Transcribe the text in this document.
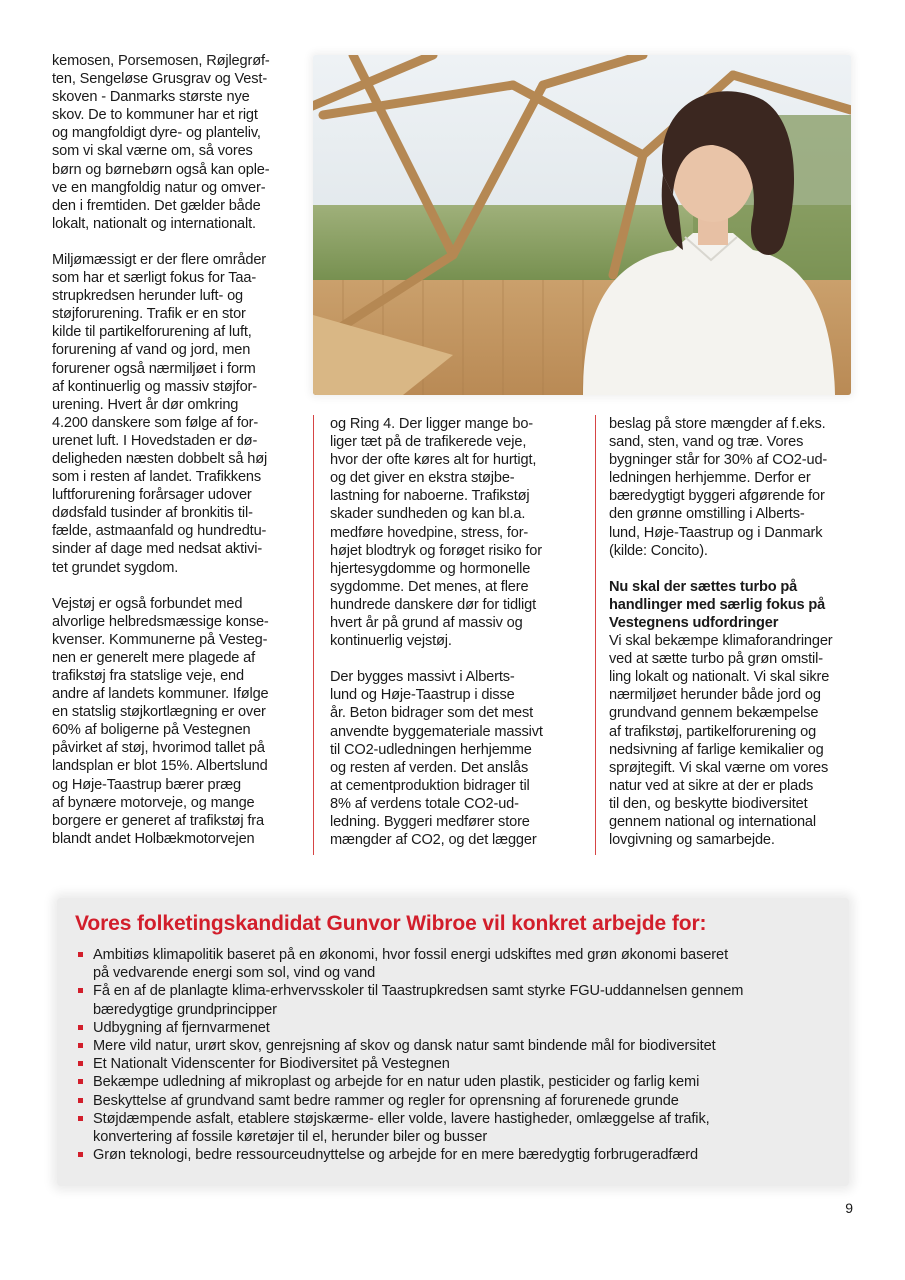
kemosen, Porsemosen, Røjlegrøf-
ten, Sengeløse Grusgrav og Vest-
skoven - Danmarks største nye
skov. De to kommuner har et rigt
og mangfoldigt dyre- og planteliv,
som vi skal værne om, så vores
børn og børnebørn også kan ople-
ve en mangfoldig natur og omver-
den i fremtiden. Det gælder både
lokalt, nationalt og internationalt.

Miljømæssigt er der flere områder
som har et særligt fokus for Taa-
strupkredsen herunder luft- og
støjforurening. Trafik er en stor
kilde til partikelforurening af luft,
forurening af vand og jord, men
forurener også nærmiljøet i form
af kontinuerlig og massiv støjfor-
urening. Hvert år dør omkring
4.200 danskere som følge af for-
urenet luft. I Hovedstaden er dø-
deligheden næsten dobbelt så høj
som i resten af landet. Trafikkens
luftforurening forårsager udover
dødsfald tusinder af bronkitis til-
fælde, astmaanfald og hundredtu-
sinder af dage med nedsat aktivi-
tet grundet sygdom.

Vejstøj er også forbundet med
alvorlige helbredsmæssige konse-
kvenser. Kommunerne på Vesteg-
nen er generelt mere plagede af
trafikstøj fra statslige veje, end
andre af landets kommuner. Ifølge
en statslig støjkortlægning er over
60% af boligerne på Vestegnen
påvirket af støj, hvorimod tallet på
landsplan er blot 15%. Albertslund
og Høje-Taastrup bærer præg
af bynære motorveje, og mange
borgere er generet af trafikstøj fra
blandt andet Holbækmotorvejen

og Ring 4. Der ligger mange bo-
liger tæt på de trafikerede veje,
hvor der ofte køres alt for hurtigt,
og det giver en ekstra støjbe-
lastning for naboerne. Trafikstøj
skader sundheden og kan bl.a.
medføre hovedpine, stress, for-
højet blodtryk og forøget risiko for
hjertesygdomme og hormonelle
sygdomme. Det menes, at flere
hundrede danskere dør for tidligt
hvert år på grund af massiv og
kontinuerlig vejstøj.

Der bygges massivt i Alberts-
lund og Høje-Taastrup i disse
år. Beton bidrager som det mest
anvendte byggemateriale massivt
til CO2-udledningen herhjemme
og resten af verden. Det anslås
at cementproduktion bidrager til
8% af verdens totale CO2-ud-
ledning. Byggeri medfører store
mængder af CO2, og det lægger

beslag på store mængder af f.eks.
sand, sten, vand og træ. Vores
bygninger står for 30% af CO2-ud-
ledningen herhjemme. Derfor er
bæredygtigt byggeri afgørende for
den grønne omstilling i Alberts-
lund, Høje-Taastrup og i Danmark
(kilde: Concito).

Nu skal der sættes turbo på
handlinger med særlig fokus på
Vestegnens udfordringer
Vi skal bekæmpe klimaforandringer
ved at sætte turbo på grøn omstil-
ling lokalt og nationalt. Vi skal sikre
nærmiljøet herunder både jord og
grundvand gennem bekæmpelse
af trafikstøj, partikelforurening og
nedsivning af farlige kemikalier og
sprøjtegift. Vi skal værne om vores
natur ved at sikre at der er plads
til den, og beskytte biodiversitet
gennem national og international
lovgivning og samarbejde.

Vores folketingskandidat Gunvor Wibroe vil konkret arbejde for:
Ambitiøs klimapolitik baseret på en økonomi, hvor fossil energi udskiftes med grøn økonomi baseret
på vedvarende energi som sol, vind og vand
Få en af de planlagte klima-erhvervsskoler til Taastrupkredsen samt styrke FGU-uddannelsen gennem
bæredygtige grundprincipper
Udbygning af fjernvarmenet
Mere vild natur, urørt skov, genrejsning af skov og dansk natur samt bindende mål for biodiversitet
Et Nationalt Videnscenter for Biodiversitet på Vestegnen
Bekæmpe udledning af mikroplast og arbejde for en natur uden plastik, pesticider og farlig kemi
Beskyttelse af grundvand samt bedre rammer og regler for oprensning af forurenede grunde
Støjdæmpende asfalt, etablere støjskærme- eller volde, lavere hastigheder, omlæggelse af trafik,
konvertering af fossile køretøjer til el, herunder biler og busser
Grøn teknologi, bedre ressourceudnyttelse og arbejde for en mere bæredygtig forbrugeradfærd
9
